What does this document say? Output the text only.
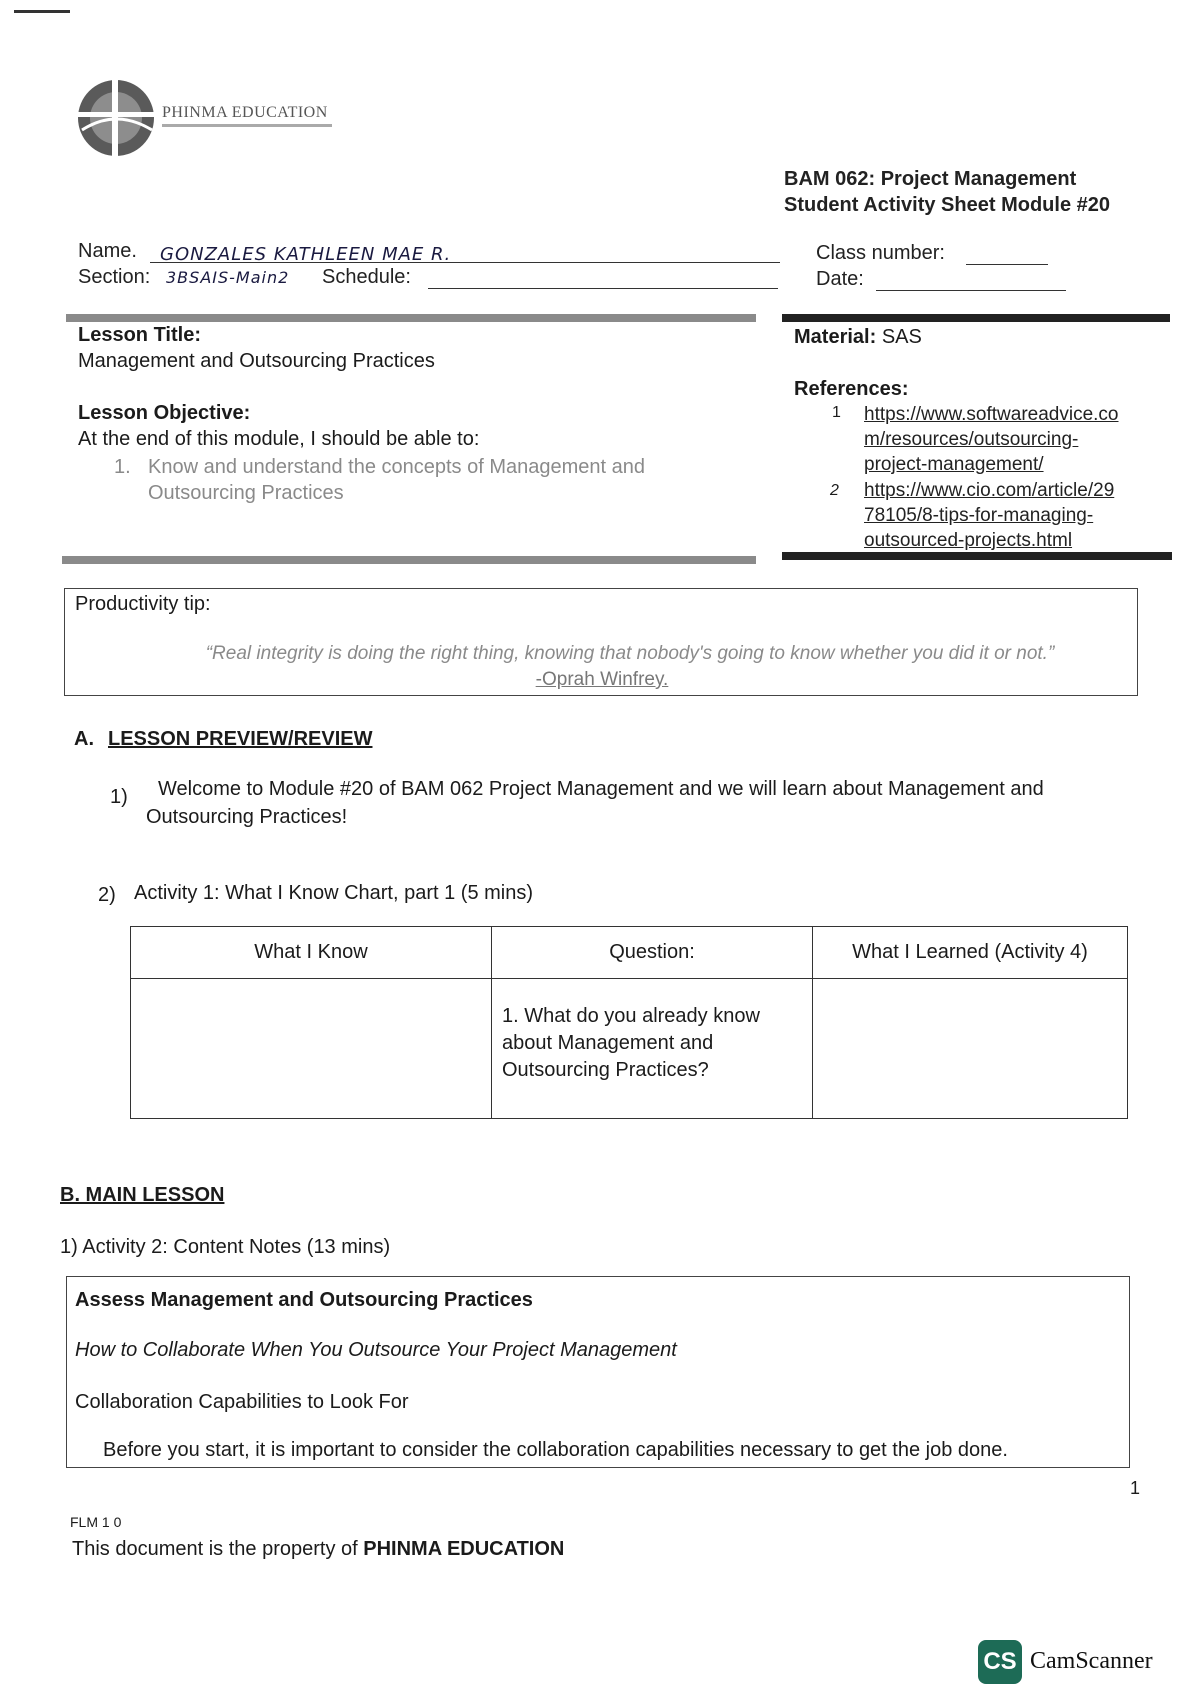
PHINMA EDUCATION
BAM 062: Project Management
Student Activity Sheet Module #20
Name. GONZALES KATHLEEN MAE R.
Section: 3BSAIS-Main2 Schedule:
Class number:
Date:
Lesson Title:
Management and Outsourcing Practices
Lesson Objective:
At the end of this module, I should be able to:
1. Know and understand the concepts of Management and
Outsourcing Practices
Material: SAS
References:
1 https://www.softwareadvice.co
m/resources/outsourcing-
project-management/
2 https://www.cio.com/article/29
78105/8-tips-for-managing-
outsourced-projects.html
Productivity tip:
“Real integrity is doing the right thing, knowing that nobody's going to know whether you did it or not.”
-Oprah Winfrey.
A. LESSON PREVIEW/REVIEW
1) Welcome to Module #20 of BAM 062 Project Management and we will learn about Management and
Outsourcing Practices!
2) Activity 1: What I Know Chart, part 1 (5 mins)
What I Know	Question:	What I Learned (Activity 4)
	1. What do you already know about Management and Outsourcing Practices?	
B. MAIN LESSON
1) Activity 2: Content Notes (13 mins)
Assess Management and Outsourcing Practices
How to Collaborate When You Outsource Your Project Management
Collaboration Capabilities to Look For
Before you start, it is important to consider the collaboration capabilities necessary to get the job done.
1
FLM 1 0
This document is the property of PHINMA EDUCATION
CS CamScanner
